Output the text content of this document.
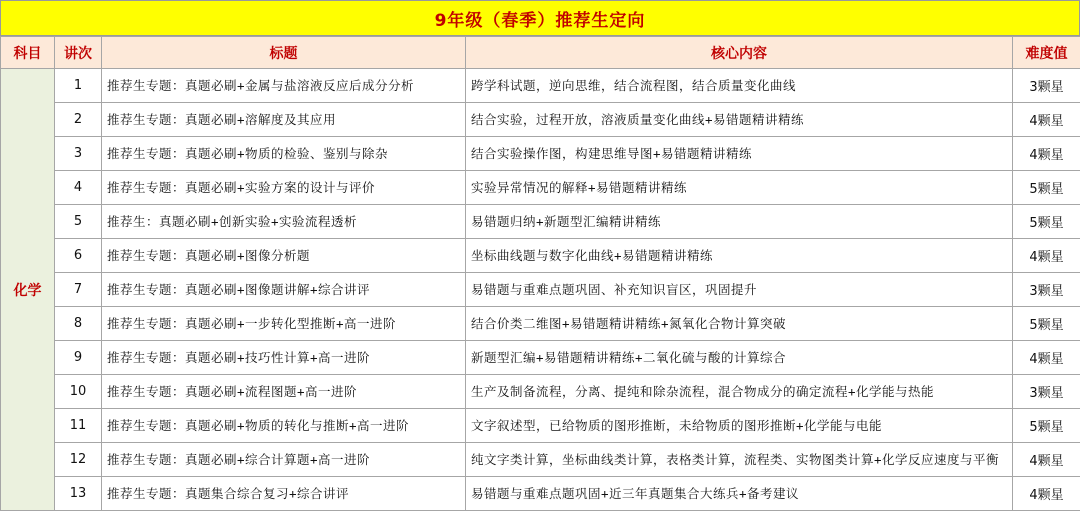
9年级（春季）推荐生定向
科目	讲次	标题	核心内容	难度值
化学	1	推荐生专题：真题必刷+金属与盐溶液反应后成分分析	跨学科试题，逆向思维，结合流程图，结合质量变化曲线	3颗星
	2	推荐生专题：真题必刷+溶解度及其应用	结合实验，过程开放，溶液质量变化曲线+易错题精讲精练	4颗星
	3	推荐生专题：真题必刷+物质的检验、鉴别与除杂	结合实验操作图，构建思维导图+易错题精讲精练	4颗星
	4	推荐生专题：真题必刷+实验方案的设计与评价	实验异常情况的解释+易错题精讲精练	5颗星
	5	推荐生：真题必刷+创新实验+实验流程透析	易错题归纳+新题型汇编精讲精练	5颗星
	6	推荐生专题：真题必刷+图像分析题	坐标曲线题与数字化曲线+易错题精讲精练	4颗星
	7	推荐生专题：真题必刷+图像题讲解+综合讲评	易错题与重难点题巩固、补充知识盲区，巩固提升	3颗星
	8	推荐生专题：真题必刷+一步转化型推断+高一进阶	结合价类二维图+易错题精讲精练+氮氧化合物计算突破	5颗星
	9	推荐生专题：真题必刷+技巧性计算+高一进阶	新题型汇编+易错题精讲精练+二氧化硫与酸的计算综合	4颗星
	10	推荐生专题：真题必刷+流程图题+高一进阶	生产及制备流程，分离、提纯和除杂流程，混合物成分的确定流程+化学能与热能	3颗星
	11	推荐生专题：真题必刷+物质的转化与推断+高一进阶	文字叙述型，已给物质的图形推断，未给物质的图形推断+化学能与电能	5颗星
	12	推荐生专题：真题必刷+综合计算题+高一进阶	纯文字类计算，坐标曲线类计算，表格类计算，流程类、实物图类计算+化学反应速度与平衡	4颗星
	13	推荐生专题：真题集合综合复习+综合讲评	易错题与重难点题巩固+近三年真题集合大练兵+备考建议	4颗星
